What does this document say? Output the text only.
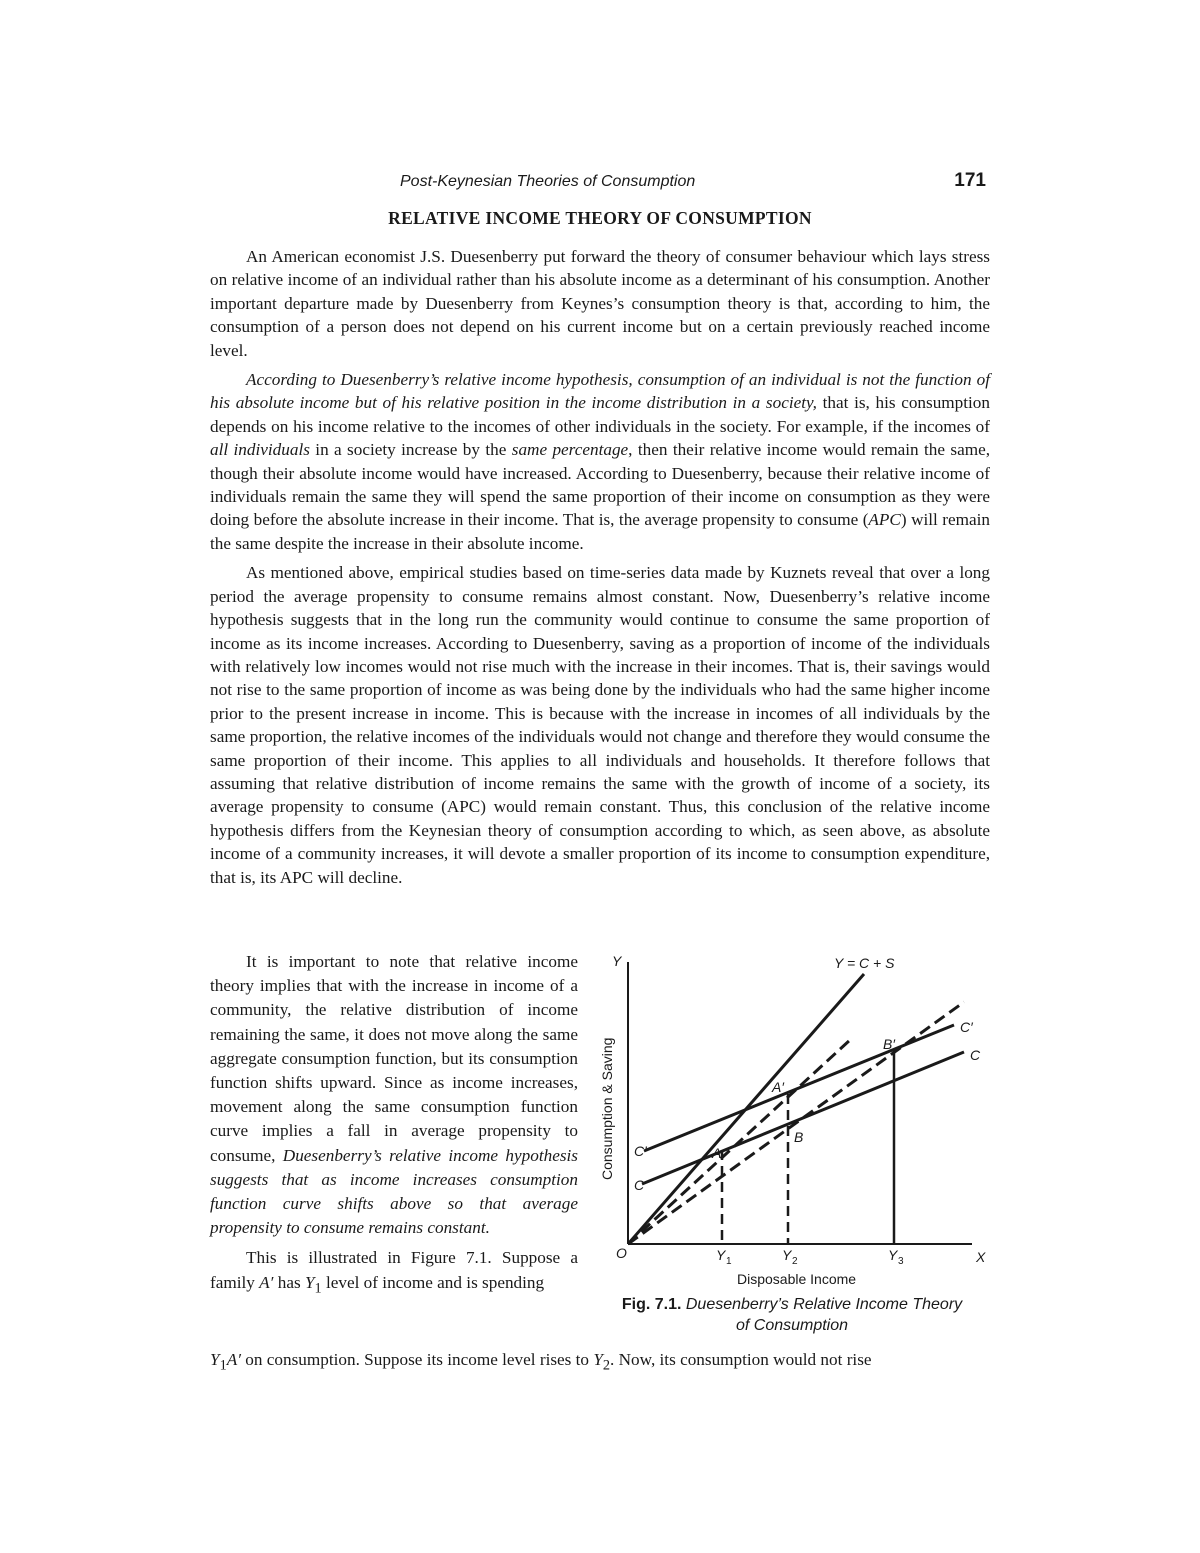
Post-Keynesian Theories of Consumption	171
RELATIVE INCOME THEORY OF CONSUMPTION

An American economist J.S. Duesenberry put forward the theory of consumer behaviour which lays stress on relative income of an individual rather than his absolute income as a determinant of his consumption. Another important departure made by Duesenberry from Keynes’s consumption theory is that, according to him, the consumption of a person does not depend on his current income but on a certain previously reached income level.

According to Duesenberry’s relative income hypothesis, consumption of an individual is not the function of his absolute income but of his relative position in the income distribution in a society, that is, his consumption depends on his income relative to the incomes of other individuals in the society. For example, if the incomes of all individuals in a society increase by the same percentage, then their relative income would remain the same, though their absolute income would have increased. According to Duesenberry, because their relative income of individuals remain the same they will spend the same proportion of their income on consumption as they were doing before the absolute increase in their income. That is, the average propensity to consume (APC) will remain the same despite the increase in their absolute income.

As mentioned above, empirical studies based on time-series data made by Kuznets reveal that over a long period the average propensity to consume remains almost constant. Now, Duesenberry’s relative income hypothesis suggests that in the long run the community would continue to consume the same proportion of income as its income increases. According to Duesenberry, saving as a proportion of income of the individuals with relatively low incomes would not rise much with the increase in their incomes. That is, their savings would not rise to the same proportion of income as was being done by the individuals who had the same higher income prior to the present increase in income. This is because with the increase in incomes of all individuals by the same proportion, the relative incomes of the individuals would not change and therefore they would consume the same proportion of their income. This applies to all individuals and households. It therefore follows that assuming that relative distribution of income remains the same with the growth of income of a society, its average propensity to consume (APC) would remain constant. Thus, this conclusion of the relative income hypothesis differs from the Keynesian theory of consumption according to which, as seen above, as absolute income of a community increases, it will devote a smaller proportion of its income to consumption expenditure, that is, its APC will decline.

It is important to note that relative income theory implies that with the increase in income of a community, the relative distribution of income remaining the same, it does not move along the same aggregate consumption function, but its consumption function shifts upward. Since as income increases, movement along the same consumption function curve implies a fall in average propensity to consume, Duesenberry’s relative income hypothesis suggests that as income increases consumption function curve shifts above so that average propensity to consume remains constant.

This is illustrated in Figure 7.1. Suppose a family A′ has $Y_1$ level of income and is spending

$Y_1A'$ on consumption. Suppose its income level rises to $Y_2$. Now, its consumption would not rise
Y
X
O
Consumption & Saving
Disposable Income
Y = C + S
C′
C
C′
C
A
A′
B
B′
Y 1	Y 2	Y 3
Fig. 7.1. Duesenberry’s Relative Income Theory
of Consumption
